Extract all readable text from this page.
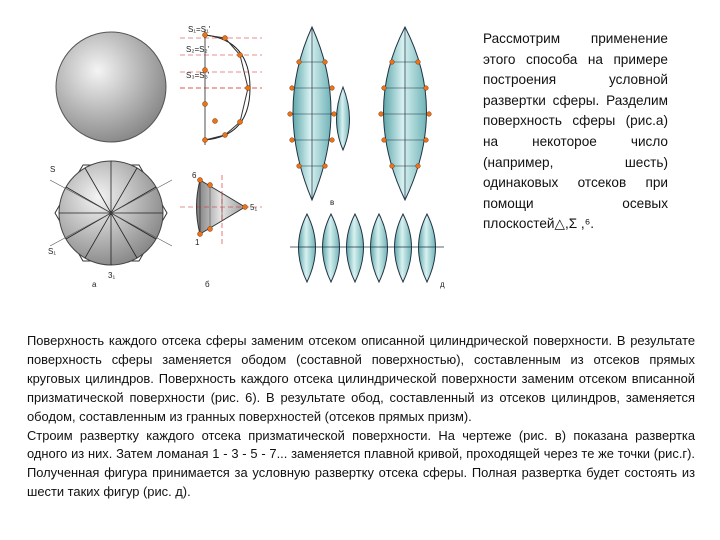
S
S₁
3₁
S₁=S₁'
S₂=S₂'
S₃=S₃'
6
5₁
1
в
а	б	д
Рассмотрим применение этого способа на примере построения условной развертки сферы. Разделим поверхность сферы (рис.а) на некоторое число (например, шесть) одинаковых отсеков при помощи осевых плоскостей△,Σ ,⁶.

Поверхность каждого отсека сферы заменим отсеком описанной цилиндрической поверхности. В результате поверхность сферы заменяется ободом (составной поверхностью), составленным из отсеков прямых круговых цилиндров. Поверхность каждого отсека цилиндрической поверхности заменим отсеком вписанной призматической поверхности (рис. 6). В результате обод, составленный из отсеков цилиндров, заменяется ободом, составленным из гранных поверхностей (отсеков прямых призм).

Строим развертку каждого отсека призматической поверхности. На чертеже (рис. в) показана развертка одного из них. Затем ломаная 1 - 3 - 5 - 7... заменяется плавной кривой, проходящей через те же точки (рис.г). Полученная фигура принимается за условную развертку отсека сферы. Полная развертка будет состоять из шести таких фигур (рис. д).
